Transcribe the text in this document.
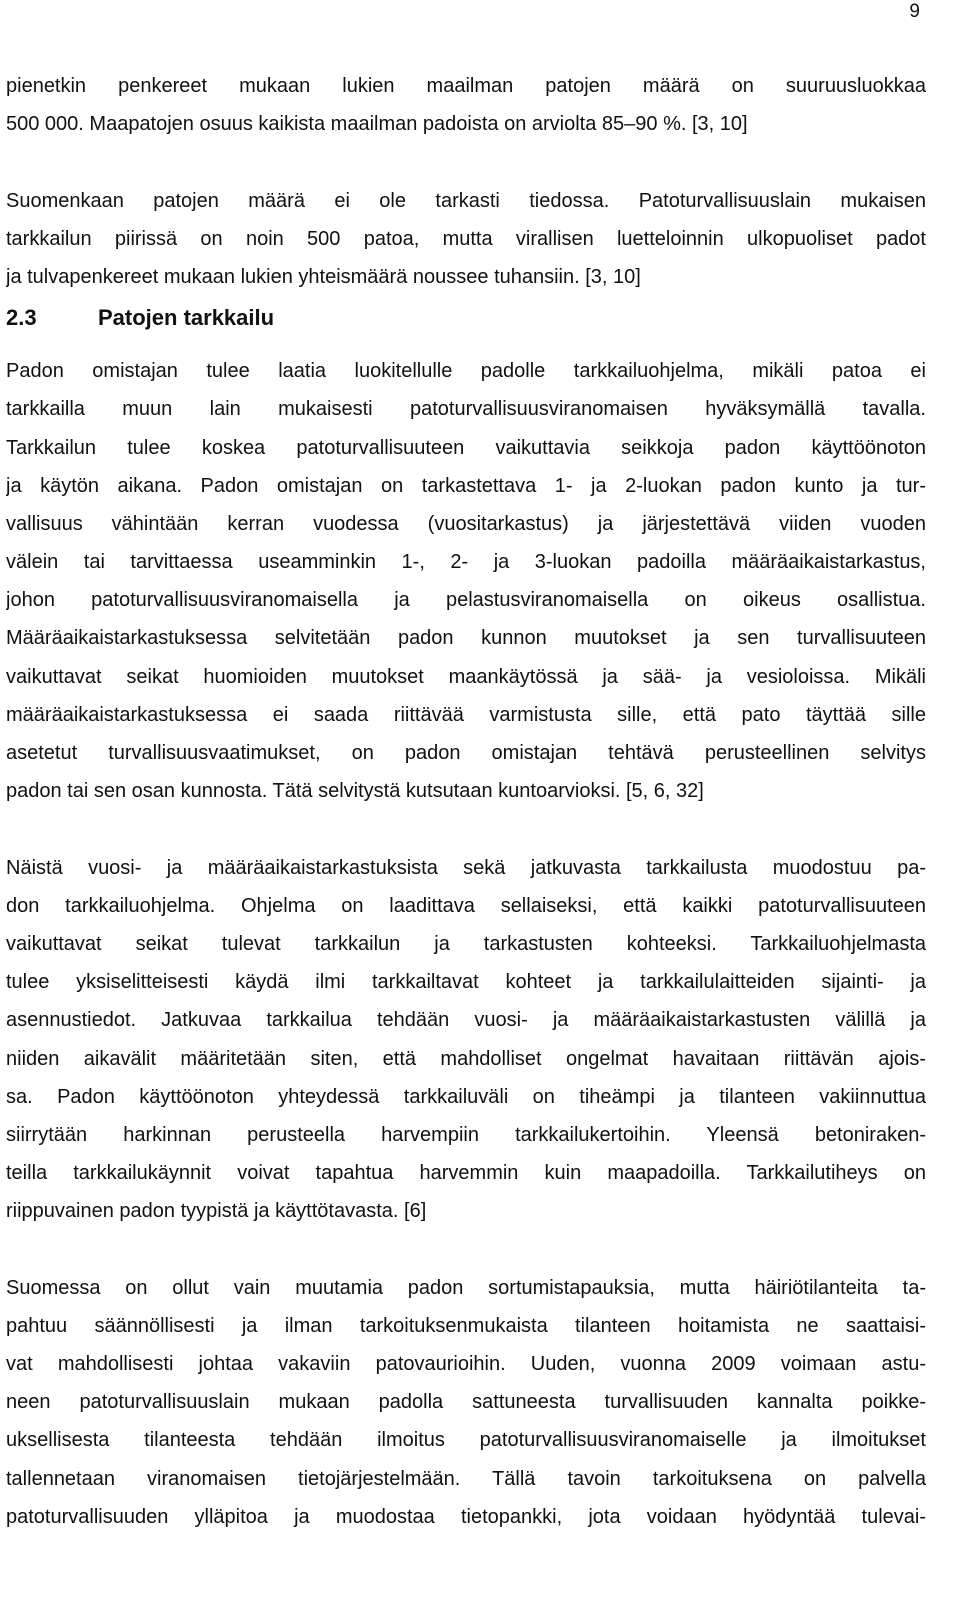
9
pienetkin penkereet mukaan lukien maailman patojen määrä on suuruusluokkaa
500 000. Maapatojen osuus kaikista maailman padoista on arviolta 85–90 %. [3, 10]
Suomenkaan patojen määrä ei ole tarkasti tiedossa. Patoturvallisuuslain mukaisen
tarkkailun piirissä on noin 500 patoa, mutta virallisen luetteloinnin ulkopuoliset padot
ja tulvapenkereet mukaan lukien yhteismäärä noussee tuhansiin. [3, 10]
2.3	Patojen tarkkailu
Padon omistajan tulee laatia luokitellulle padolle tarkkailuohjelma, mikäli patoa ei
tarkkailla muun lain mukaisesti patoturvallisuusviranomaisen hyväksymällä tavalla.
Tarkkailun tulee koskea patoturvallisuuteen vaikuttavia seikkoja padon käyttöönoton
ja käytön aikana. Padon omistajan on tarkastettava 1- ja 2-luokan padon kunto ja tur-
vallisuus vähintään kerran vuodessa (vuositarkastus) ja järjestettävä viiden vuoden
välein tai tarvittaessa useamminkin 1-, 2- ja 3-luokan padoilla määräaikaistarkastus,
johon patoturvallisuusviranomaisella ja pelastusviranomaisella on oikeus osallistua.
Määräaikaistarkastuksessa selvitetään padon kunnon muutokset ja sen turvallisuuteen
vaikuttavat seikat huomioiden muutokset maankäytössä ja sää- ja vesioloissa. Mikäli
määräaikaistarkastuksessa ei saada riittävää varmistusta sille, että pato täyttää sille
asetetut turvallisuusvaatimukset, on padon omistajan tehtävä perusteellinen selvitys
padon tai sen osan kunnosta. Tätä selvitystä kutsutaan kuntoarvioksi. [5, 6, 32]
Näistä vuosi- ja määräaikaistarkastuksista sekä jatkuvasta tarkkailusta muodostuu pa-
don tarkkailuohjelma. Ohjelma on laadittava sellaiseksi, että kaikki patoturvallisuuteen
vaikuttavat seikat tulevat tarkkailun ja tarkastusten kohteeksi. Tarkkailuohjelmasta
tulee yksiselitteisesti käydä ilmi tarkkailtavat kohteet ja tarkkailulaitteiden sijainti- ja
asennustiedot. Jatkuvaa tarkkailua tehdään vuosi- ja määräaikaistarkastusten välillä ja
niiden aikavälit määritetään siten, että mahdolliset ongelmat havaitaan riittävän ajois-
sa. Padon käyttöönoton yhteydessä tarkkailuväli on tiheämpi ja tilanteen vakiinnuttua
siirrytään harkinnan perusteella harvempiin tarkkailukertoihin. Yleensä betoniraken-
teilla tarkkailukäynnit voivat tapahtua harvemmin kuin maapadoilla. Tarkkailutiheys on
riippuvainen padon tyypistä ja käyttötavasta. [6]
Suomessa on ollut vain muutamia padon sortumistapauksia, mutta häiriötilanteita ta-
pahtuu säännöllisesti ja ilman tarkoituksenmukaista tilanteen hoitamista ne saattaisi-
vat mahdollisesti johtaa vakaviin patovaurioihin. Uuden, vuonna 2009 voimaan astu-
neen patoturvallisuuslain mukaan padolla sattuneesta turvallisuuden kannalta poikke-
uksellisesta tilanteesta tehdään ilmoitus patoturvallisuusviranomaiselle ja ilmoitukset
tallennetaan viranomaisen tietojärjestelmään. Tällä tavoin tarkoituksena on palvella
patoturvallisuuden ylläpitoa ja muodostaa tietopankki, jota voidaan hyödyntää tulevai-
